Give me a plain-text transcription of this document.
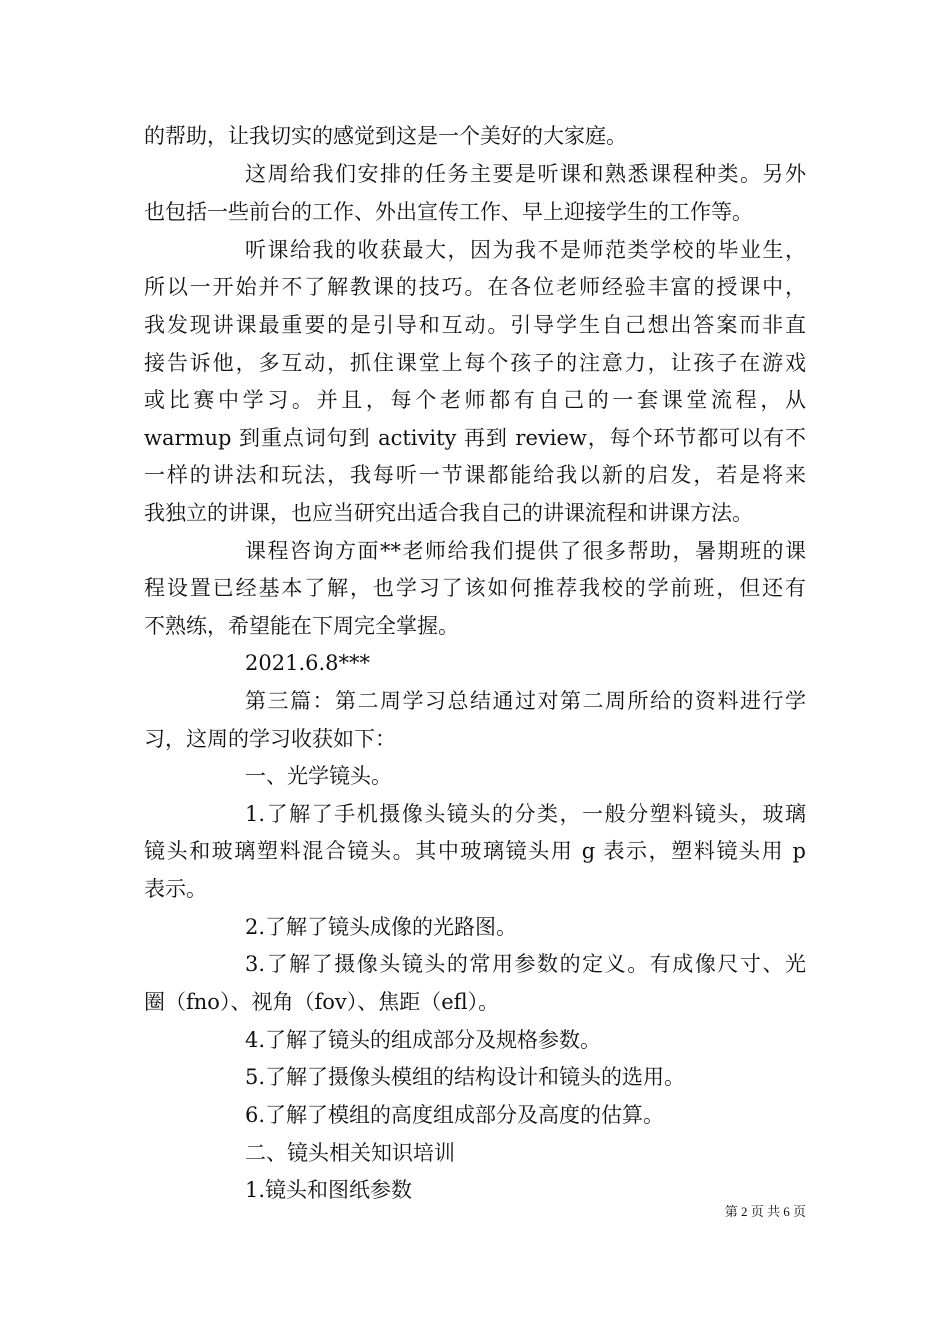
的帮助，让我切实的感觉到这是一个美好的大家庭。
这周给我们安排的任务主要是听课和熟悉课程种类。另外
也包括一些前台的工作、外出宣传工作、早上迎接学生的工作等。
听课给我的收获最大，因为我不是师范类学校的毕业生，
所以一开始并不了解教课的技巧。在各位老师经验丰富的授课中，
我发现讲课最重要的是引导和互动。引导学生自己想出答案而非直
接告诉他，多互动，抓住课堂上每个孩子的注意力，让孩子在游戏
或比赛中学习。并且，每个老师都有自己的一套课堂流程，从
warmup 到重点词句到 activity 再到 review，每个环节都可以有不
一样的讲法和玩法，我每听一节课都能给我以新的启发，若是将来
我独立的讲课，也应当研究出适合我自己的讲课流程和讲课方法。
课程咨询方面**老师给我们提供了很多帮助，暑期班的课
程设置已经基本了解，也学习了该如何推荐我校的学前班，但还有
不熟练，希望能在下周完全掌握。
2021.6.8***
第三篇：第二周学习总结通过对第二周所给的资料进行学
习，这周的学习收获如下：
一、光学镜头。
1.了解了手机摄像头镜头的分类，一般分塑料镜头，玻璃
镜头和玻璃塑料混合镜头。其中玻璃镜头用 g 表示，塑料镜头用 p
表示。
2.了解了镜头成像的光路图。
3.了解了摄像头镜头的常用参数的定义。有成像尺寸、光
圈（fno）、视角（fov）、焦距（efl）。
4.了解了镜头的组成部分及规格参数。
5.了解了摄像头模组的结构设计和镜头的选用。
6.了解了模组的高度组成部分及高度的估算。
二、镜头相关知识培训
1.镜头和图纸参数
第 2 页 共 6 页
